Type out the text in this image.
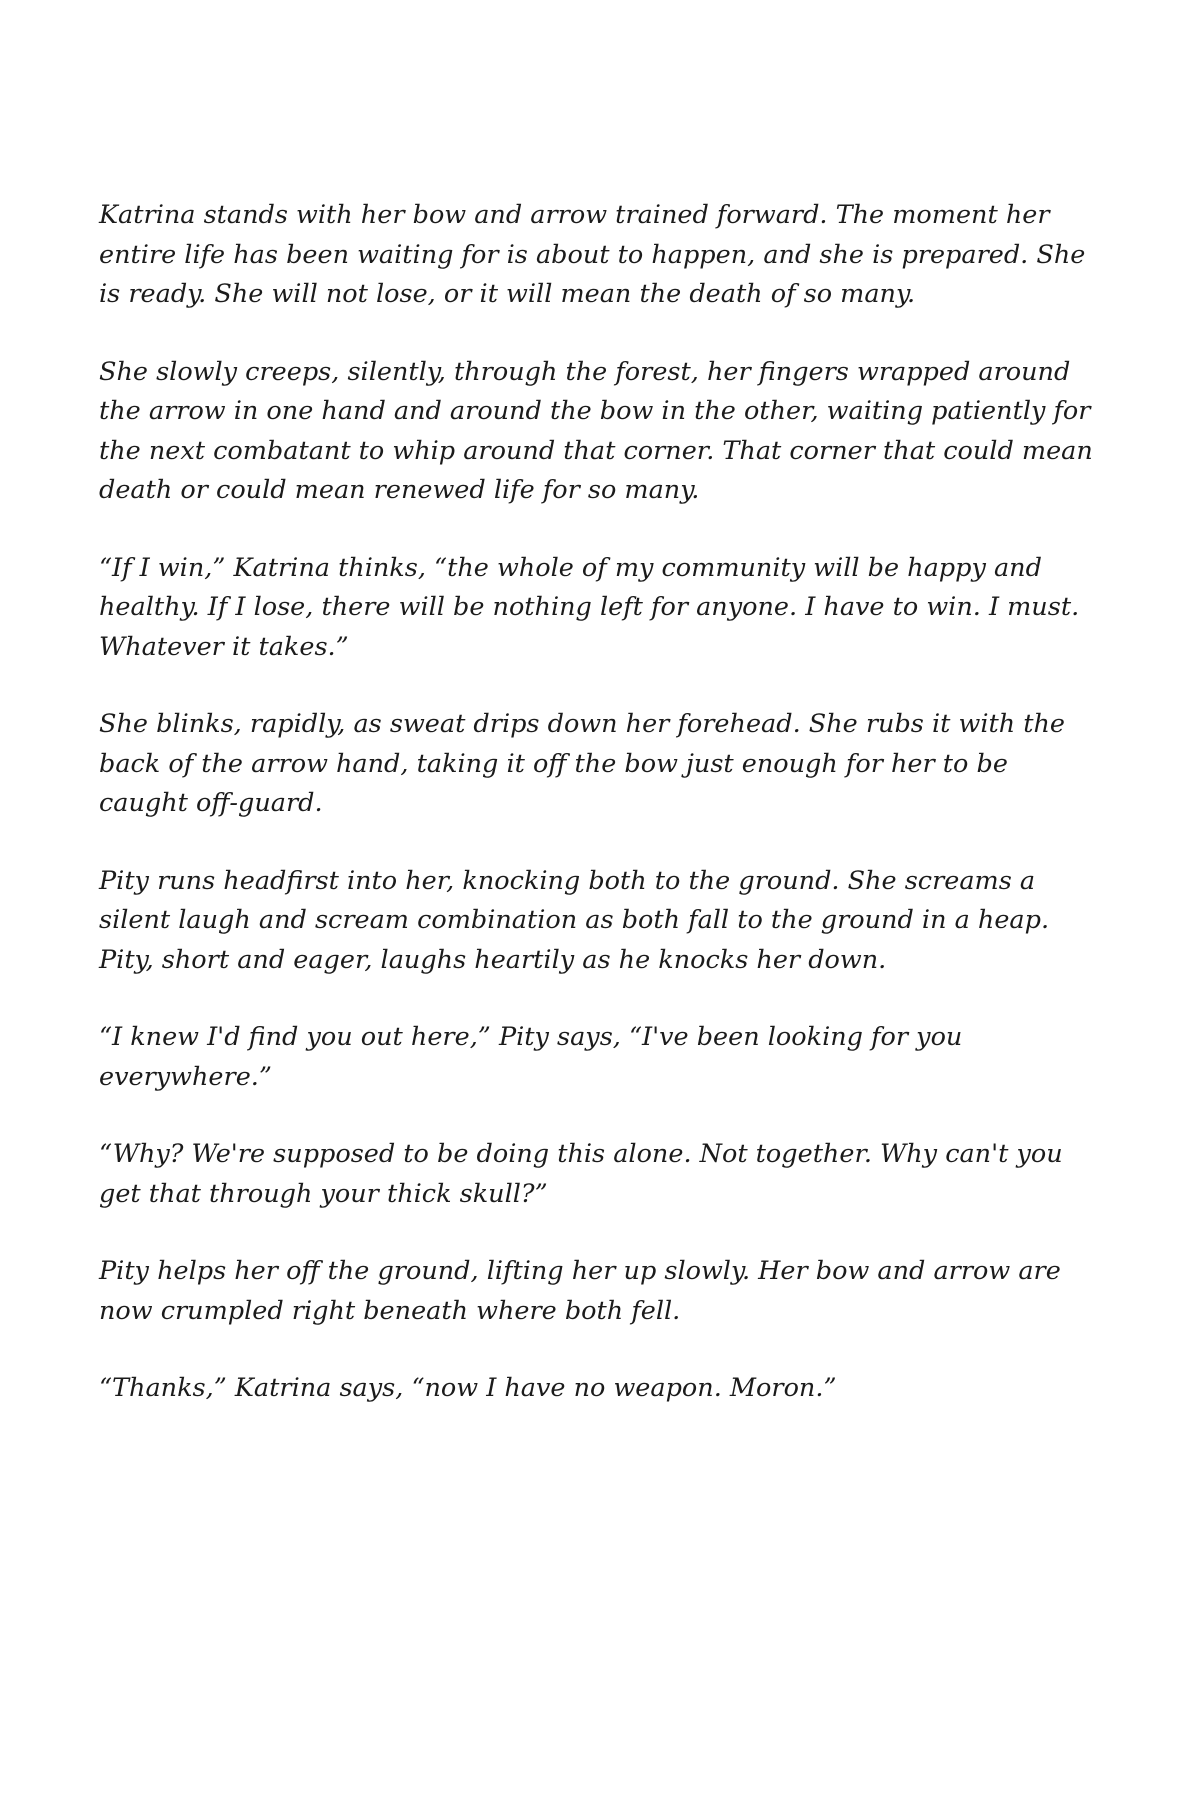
Katrina stands with her bow and arrow trained forward. The moment her entire life has been waiting for is about to happen, and she is prepared. She is ready. She will not lose, or it will mean the death of so many.

She slowly creeps, silently, through the forest, her fingers wrapped around the arrow in one hand and around the bow in the other, waiting patiently for the next combatant to whip around that corner. That corner that could mean death or could mean renewed life for so many.

“If I win,” Katrina thinks, “the whole of my community will be happy and healthy. If I lose, there will be nothing left for anyone. I have to win. I must. Whatever it takes.”

She blinks, rapidly, as sweat drips down her forehead. She rubs it with the back of the arrow hand, taking it off the bow just enough for her to be caught off-guard.

Pity runs headfirst into her, knocking both to the ground. She screams a silent laugh and scream combination as both fall to the ground in a heap. Pity, short and eager, laughs heartily as he knocks her down.

“I knew I'd find you out here,” Pity says, “I've been looking for you everywhere.”

“Why? We're supposed to be doing this alone. Not together. Why can't you get that through your thick skull?”

Pity helps her off the ground, lifting her up slowly. Her bow and arrow are now crumpled right beneath where both fell.

“Thanks,” Katrina says, “now I have no weapon. Moron.”
